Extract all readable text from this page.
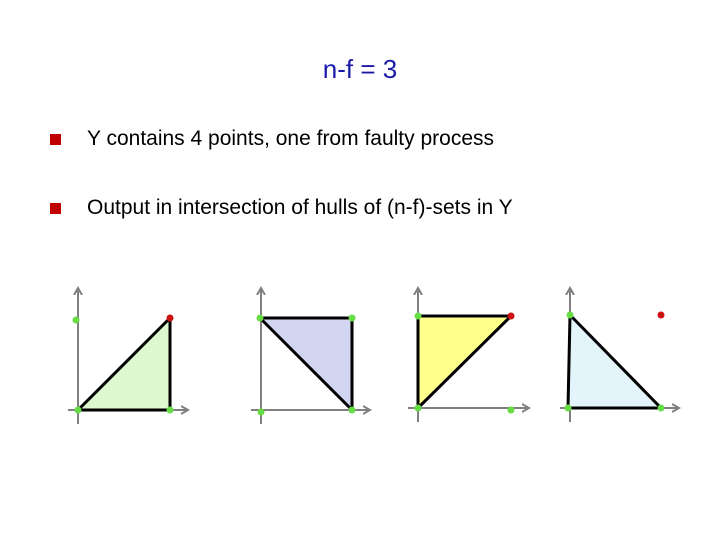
n-f = 3
Y contains 4 points, one from faulty process
Output in intersection of hulls of (n-f)-sets in Y
